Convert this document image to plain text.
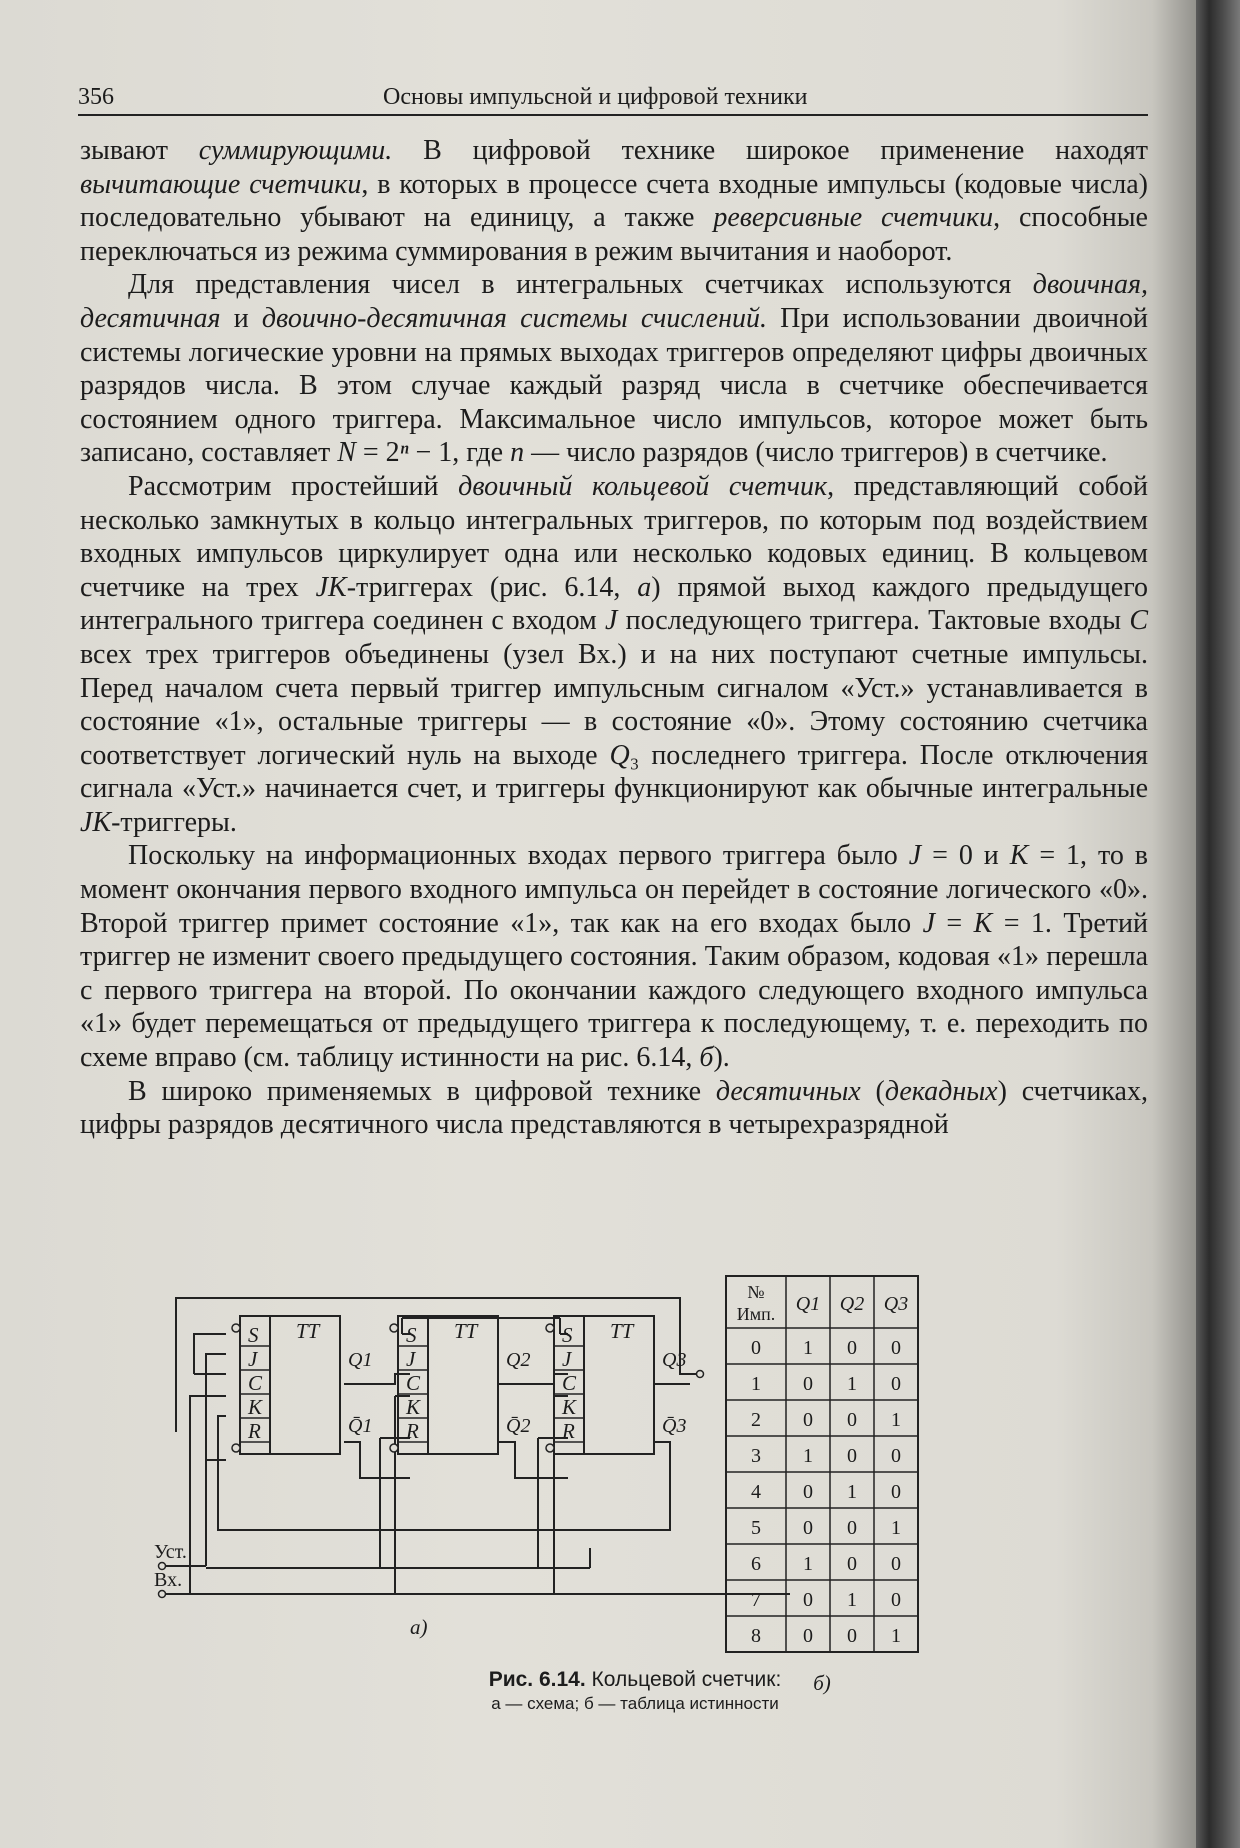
356	Основы импульсной и цифровой техники

зывают суммирующими. В цифровой технике широкое применение находят вычитающие счетчики, в которых в процессе счета входные импульсы (кодовые числа) последовательно убывают на единицу, а также реверсивные счетчики, способные переключаться из режима суммирования в режим вычитания и наоборот.

Для представления чисел в интегральных счетчиках используются двоичная, десятичная и двоично-десятичная системы счислений. При использовании двоичной системы логические уровни на прямых выходах триггеров определяют цифры двоичных разрядов числа. В этом случае каждый разряд числа в счетчике обеспечивается состоянием одного триггера. Максимальное число импульсов, которое может быть записано, составляет N = 2ⁿ − 1, где n — число разрядов (число триггеров) в счетчике.

Рассмотрим простейший двоичный кольцевой счетчик, представляющий собой несколько замкнутых в кольцо интегральных триггеров, по которым под воздействием входных импульсов циркулирует одна или несколько кодовых единиц. В кольцевом счетчике на трех JK-триггерах (рис. 6.14, а) прямой выход каждого предыдущего интегрального триггера соединен с входом J последующего триггера. Тактовые входы C всех трех триггеров объединены (узел Вх.) и на них поступают счетные импульсы. Перед началом счета первый триггер импульсным сигналом «Уст.» устанавливается в состояние «1», остальные триггеры — в состояние «0». Этому состоянию счетчика соответствует логический нуль на выходе Q₃ последнего триггера. После отключения сигнала «Уст.» начинается счет, и триггеры функционируют как обычные интегральные JK-триггеры.

Поскольку на информационных входах первого триггера было J = 0 и K = 1, то в момент окончания первого входного импульса он перейдет в состояние логического «0». Второй триггер примет состояние «1», так как на его входах было J = K = 1. Третий триггер не изменит своего предыдущего состояния. Таким образом, кодовая «1» перешла с первого триггера на второй. По окончании каждого следующего входного импульса «1» будет перемещаться от предыдущего триггера к последующему, т. е. переходить по схеме вправо (см. таблицу истинности на рис. 6.14, б).

В широко применяемых в цифровой технике десятичных (декадных) счетчиках, цифры разрядов десятичного числа представляются в четырехразрядной

S
J
C
K
R
TT
Q1
Q̄1
S
J
C
K
R
TT
Q2
Q̄2
S
J
C
K
R
TT
Q3
Q̄3
Уст.
Вх.
а)
№
Имп. Q1 Q2 Q3
0 1 0 0
1 0 1 0
2 0 0 1
3 1 0 0
4 0 1 0
5 0 0 1
6 1 0 0
7 0 1 0
8 0 0 1
б)
Рис. 6.14. Кольцевой счетчик:
а — схема; б — таблица истинности
